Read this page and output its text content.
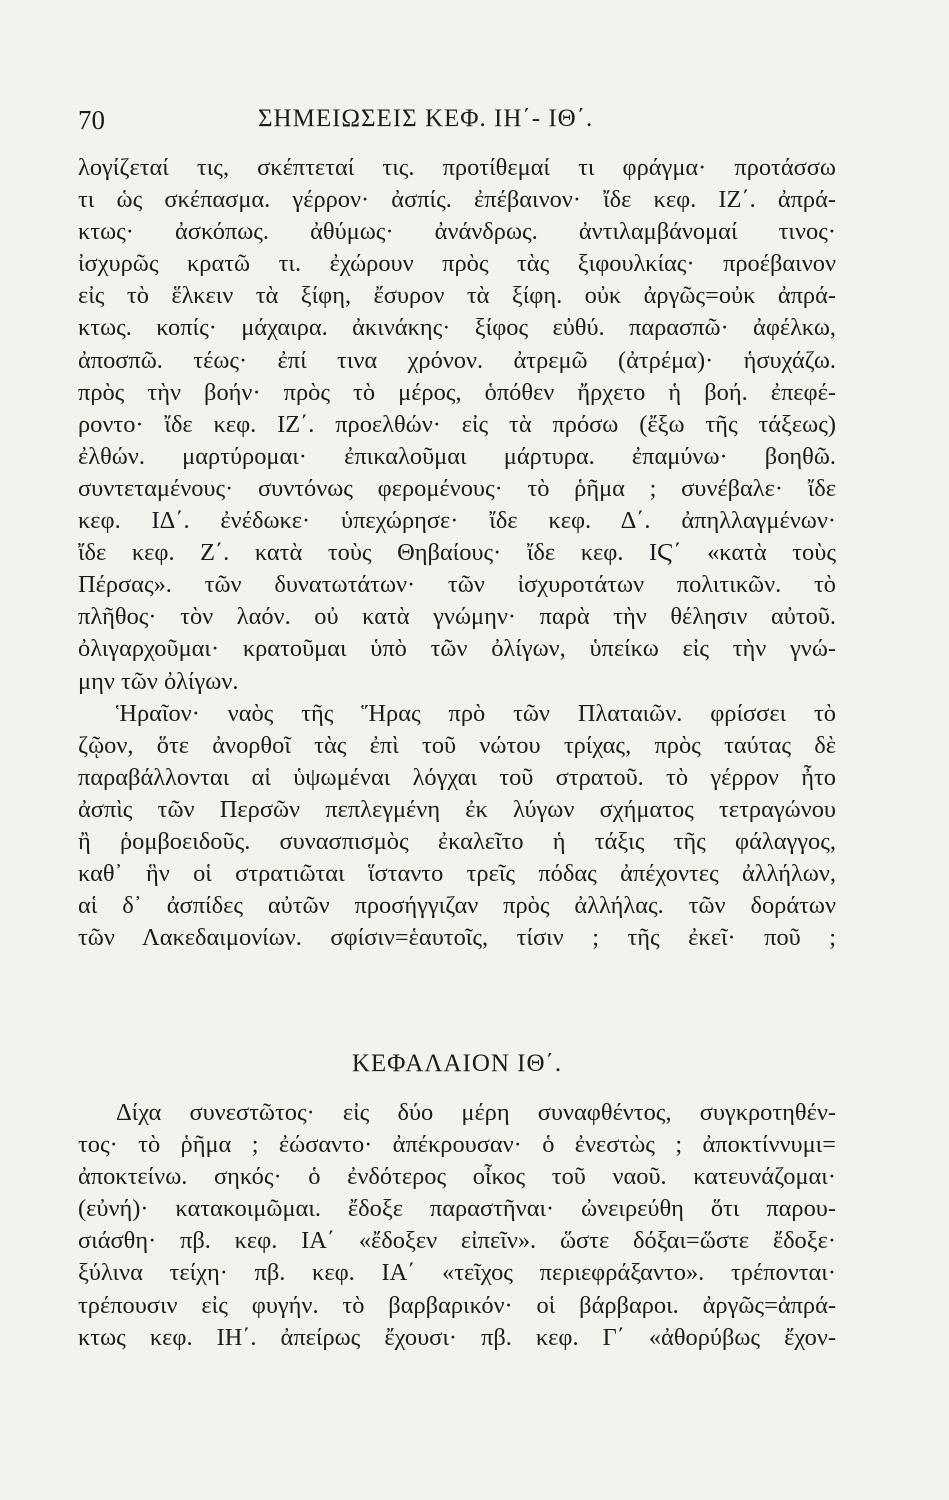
70	ΣΗΜΕΙΩΣΕΙΣ ΚΕΦ. ΙΗ΄- ΙΘ΄.
λογίζεταί τις, σκέπτεταί τις. προτίθεμαί τι φράγμα· προτάσσω
τι ὡς σκέπασμα. γέρρον· ἀσπίς. ἐπέβαινον· ἴδε κεφ. ΙΖ΄. ἀπρά-
κτως· ἀσκόπως. ἀθύμως· ἀνάνδρως. ἀντιλαμβάνομαί τινος·
ἰσχυρῶς κρατῶ τι. ἐχώρουν πρὸς τὰς ξιφουλκίας· προέβαινον
εἰς τὸ ἕλκειν τὰ ξίφη, ἔσυρον τὰ ξίφη. οὐκ ἀργῶς=οὐκ ἀπρά-
κτως. κοπίς· μάχαιρα. ἀκινάκης· ξίφος εὐθύ. παρασπῶ· ἀφέλκω,
ἀποσπῶ. τέως· ἐπί τινα χρόνον. ἀτρεμῶ (ἀτρέμα)· ἡσυχάζω.
πρὸς τὴν βοήν· πρὸς τὸ μέρος, ὁπόθεν ἤρχετο ἡ βοή. ἐπεφέ-
ροντο· ἴδε κεφ. ΙΖ΄. προελθών· εἰς τὰ πρόσω (ἔξω τῆς τάξεως)
ἐλθών. μαρτύρομαι· ἐπικαλοῦμαι μάρτυρα. ἐπαμύνω· βοηθῶ.
συντεταμένους· συντόνως φερομένους· τὸ ῥῆμα ; συνέβαλε· ἴδε
κεφ. ΙΔ΄. ἐνέδωκε· ὑπεχώρησε· ἴδε κεφ. Δ΄. ἀπηλλαγμένων·
ἴδε κεφ. Ζ΄. κατὰ τοὺς Θηβαίους· ἴδε κεφ. ΙϚ΄ «κατὰ τοὺς
Πέρσας». τῶν δυνατωτάτων· τῶν ἰσχυροτάτων πολιτικῶν. τὸ
πλῆθος· τὸν λαόν. οὐ κατὰ γνώμην· παρὰ τὴν θέλησιν αὐτοῦ.
ὀλιγαρχοῦμαι· κρατοῦμαι ὑπὸ τῶν ὀλίγων, ὑπείκω εἰς τὴν γνώ-
μην τῶν ὀλίγων.
Ἡραῖον· ναὸς τῆς Ἥρας πρὸ τῶν Πλαταιῶν. φρίσσει τὸ
ζῷον, ὅτε ἀνορθοῖ τὰς ἐπὶ τοῦ νώτου τρίχας, πρὸς ταύτας δὲ
παραβάλλονται αἱ ὑψωμέναι λόγχαι τοῦ στρατοῦ. τὸ γέρρον ἦτο
ἀσπὶς τῶν Περσῶν πεπλεγμένη ἐκ λύγων σχήματος τετραγώνου
ἢ ῥομβοειδοῦς. συνασπισμὸς ἐκαλεῖτο ἡ τάξις τῆς φάλαγγος,
καθ᾽ ἣν οἱ στρατιῶται ἵσταντο τρεῖς πόδας ἀπέχοντες ἀλλήλων,
αἱ δ᾽ ἀσπίδες αὐτῶν προσήγγιζαν πρὸς ἀλλήλας. τῶν δοράτων
τῶν Λακεδαιμονίων. σφίσιν=ἑαυτοῖς, τίσιν ; τῆς ἐκεῖ· ποῦ ;
ΚΕΦΑΛΑΙΟΝ ΙΘ΄.
Δίχα συνεστῶτος· εἰς δύο μέρη συναφθέντος, συγκροτηθέν-
τος· τὸ ῥῆμα ; ἐώσαντο· ἀπέκρουσαν· ὁ ἐνεστὼς ; ἀποκτίννυμι=
ἀποκτείνω. σηκός· ὁ ἐνδότερος οἶκος τοῦ ναοῦ. κατευνάζομαι·
(εὐνή)· κατακοιμῶμαι. ἔδοξε παραστῆναι· ὠνειρεύθη ὅτι παρου-
σιάσθη· πβ. κεφ. ΙΑ΄ «ἔδοξεν εἰπεῖν». ὥστε δόξαι=ὥστε ἔδοξε·
ξύλινα τείχη· πβ. κεφ. ΙΑ΄ «τεῖχος περιεφράξαντο». τρέπονται·
τρέπουσιν εἰς φυγήν. τὸ βαρβαρικόν· οἱ βάρβαροι. ἀργῶς=ἀπρά-
κτως κεφ. ΙΗ΄. ἀπείρως ἔχουσι· πβ. κεφ. Γ΄ «ἀθορύβως ἔχον-
